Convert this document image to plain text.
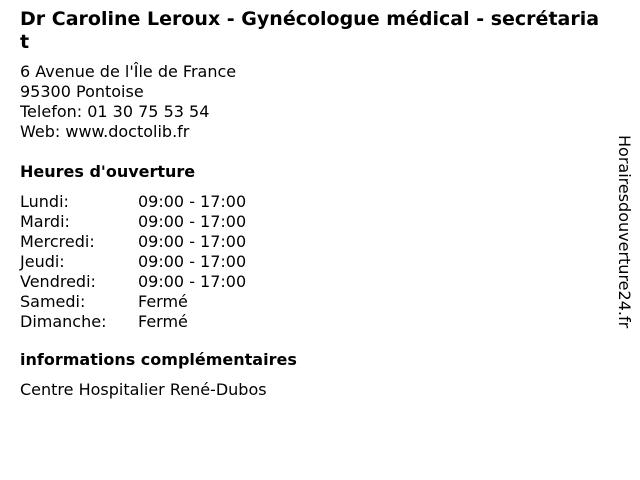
Dr Caroline Leroux - Gynécologue médical - secrétariat
6 Avenue de l'Île de France
95300 Pontoise
Telefon: 01 30 75 53 54
Web: www.doctolib.fr
Heures d'ouverture
Lundi:	09:00 - 17:00
Mardi:	09:00 - 17:00
Mercredi:	09:00 - 17:00
Jeudi:	09:00 - 17:00
Vendredi:	09:00 - 17:00
Samedi:	Fermé
Dimanche:	Fermé
informations complémentaires
Centre Hospitalier René-Dubos
Horairesdouverture24.fr
